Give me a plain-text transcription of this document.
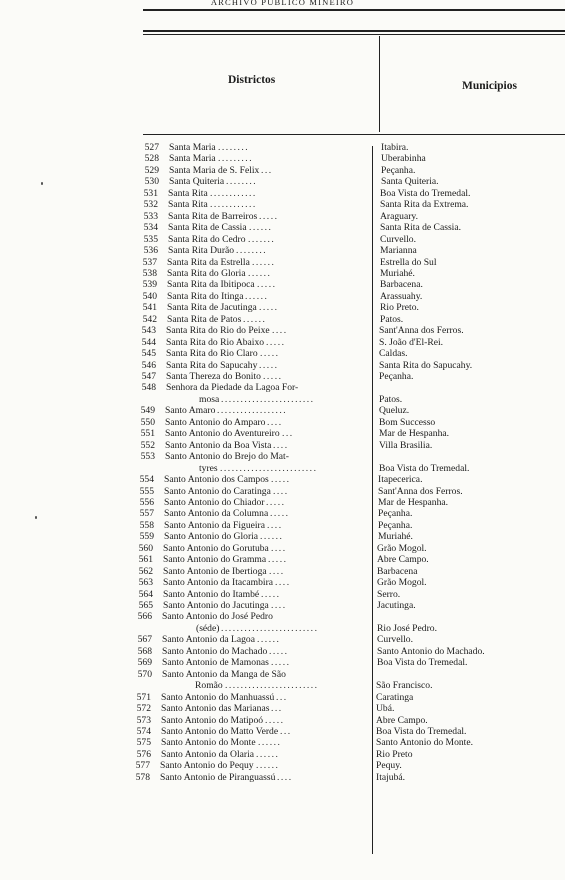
ARCHIVO PUBLICO MINEIRO
Districtos	Municipios
527 Santa Maria ........	Itabira.
528 Santa Maria .........	Uberabinha
529 Santa Maria de S. Felix ...	Peçanha.
530 Santa Quiteria ........	Santa Quiteria.
531 Santa Rita ............	Boa Vista do Tremedal.
532 Santa Rita ............	Santa Rita da Extrema.
533 Santa Rita de Barreiros .....	Araguary.
534 Santa Rita de Cassia ......	Santa Rita de Cassia.
535 Santa Rita do Cedro .......	Curvello.
536 Santa Rita Durão ........	Marianna
537 Santa Rita da Estrella ......	Estrella do Sul
538 Santa Rita do Gloria ......	Muriahé.
539 Santa Rita da Ibitipoca .....	Barbacena.
540 Santa Rita do Itinga ......	Arassuahy.
541 Santa Rita de Jacutinga .....	Rio Preto.
542 Santa Rita de Patos ......	Patos.
543 Santa Rita do Rio do Peixe ....	Sant'Anna dos Ferros.
544 Santa Rita do Rio Abaixo .....	S. João d'El-Rei.
545 Santa Rita do Rio Claro .....	Caldas.
546 Santa Rita do Sapucahy .....	Santa Rita do Sapucahy.
547 Santa Thereza do Bonito .....	Peçanha.
548 Senhora da Piedade da Lagoa For-
mosa ........................	Patos.
549 Santo Amaro ..................	Queluz.
550 Santo Antonio do Amparo ....	Bom Successo
551 Santo Antonio do Aventureiro ...	Mar de Hespanha.
552 Santo Antonio da Boa Vista ....	Villa Brasilia.
553 Santo Antonio do Brejo do Mat-
tyres .........................	Boa Vista do Tremedal.
554 Santo Antonio dos Campos .....	Itapecerica.
555 Santo Antonio do Caratinga ....	Sant'Anna dos Ferros.
556 Santo Antonio do Chiador .....	Mar de Hespanha.
557 Santo Antonio da Columna .....	Peçanha.
558 Santo Antonio da Figueira ....	Peçanha.
559 Santo Antonio do Gloria ......	Muriahé.
560 Santo Antonio do Gorutuba ....	Grão Mogol.
561 Santo Antonio do Gramma .....	Abre Campo.
562 Santo Antonio de Ibertioga ....	Barbacena
563 Santo Antonio da Itacambira ....	Grão Mogol.
564 Santo Antonio do Itambé .....	Serro.
565 Santo Antonio do Jacutinga ....	Jacutinga.
566 Santo Antonio do José Pedro
(séde) .........................	Rio José Pedro.
567 Santo Antonio da Lagoa ......	Curvello.
568 Santo Antonio do Machado .....	Santo Antonio do Machado.
569 Santo Antonio de Mamonas .....	Boa Vista do Tremedal.
570 Santo Antonio da Manga de São
Romão ........................	São Francisco.
571 Santo Antonio do Manhuassú ...	Caratinga
572 Santo Antonio das Marianas ...	Ubá.
573 Santo Antonio do Matipoó .....	Abre Campo.
574 Santo Antonio do Matto Verde ...	Boa Vista do Tremedal.
575 Santo Antonio do Monte ......	Santo Antonio do Monte.
576 Santo Antonio da Olaria ......	Rio Preto
577 Santo Antonio do Pequy ......	Pequy.
578 Santo Antonio de Piranguassú ....	Itajubá.
